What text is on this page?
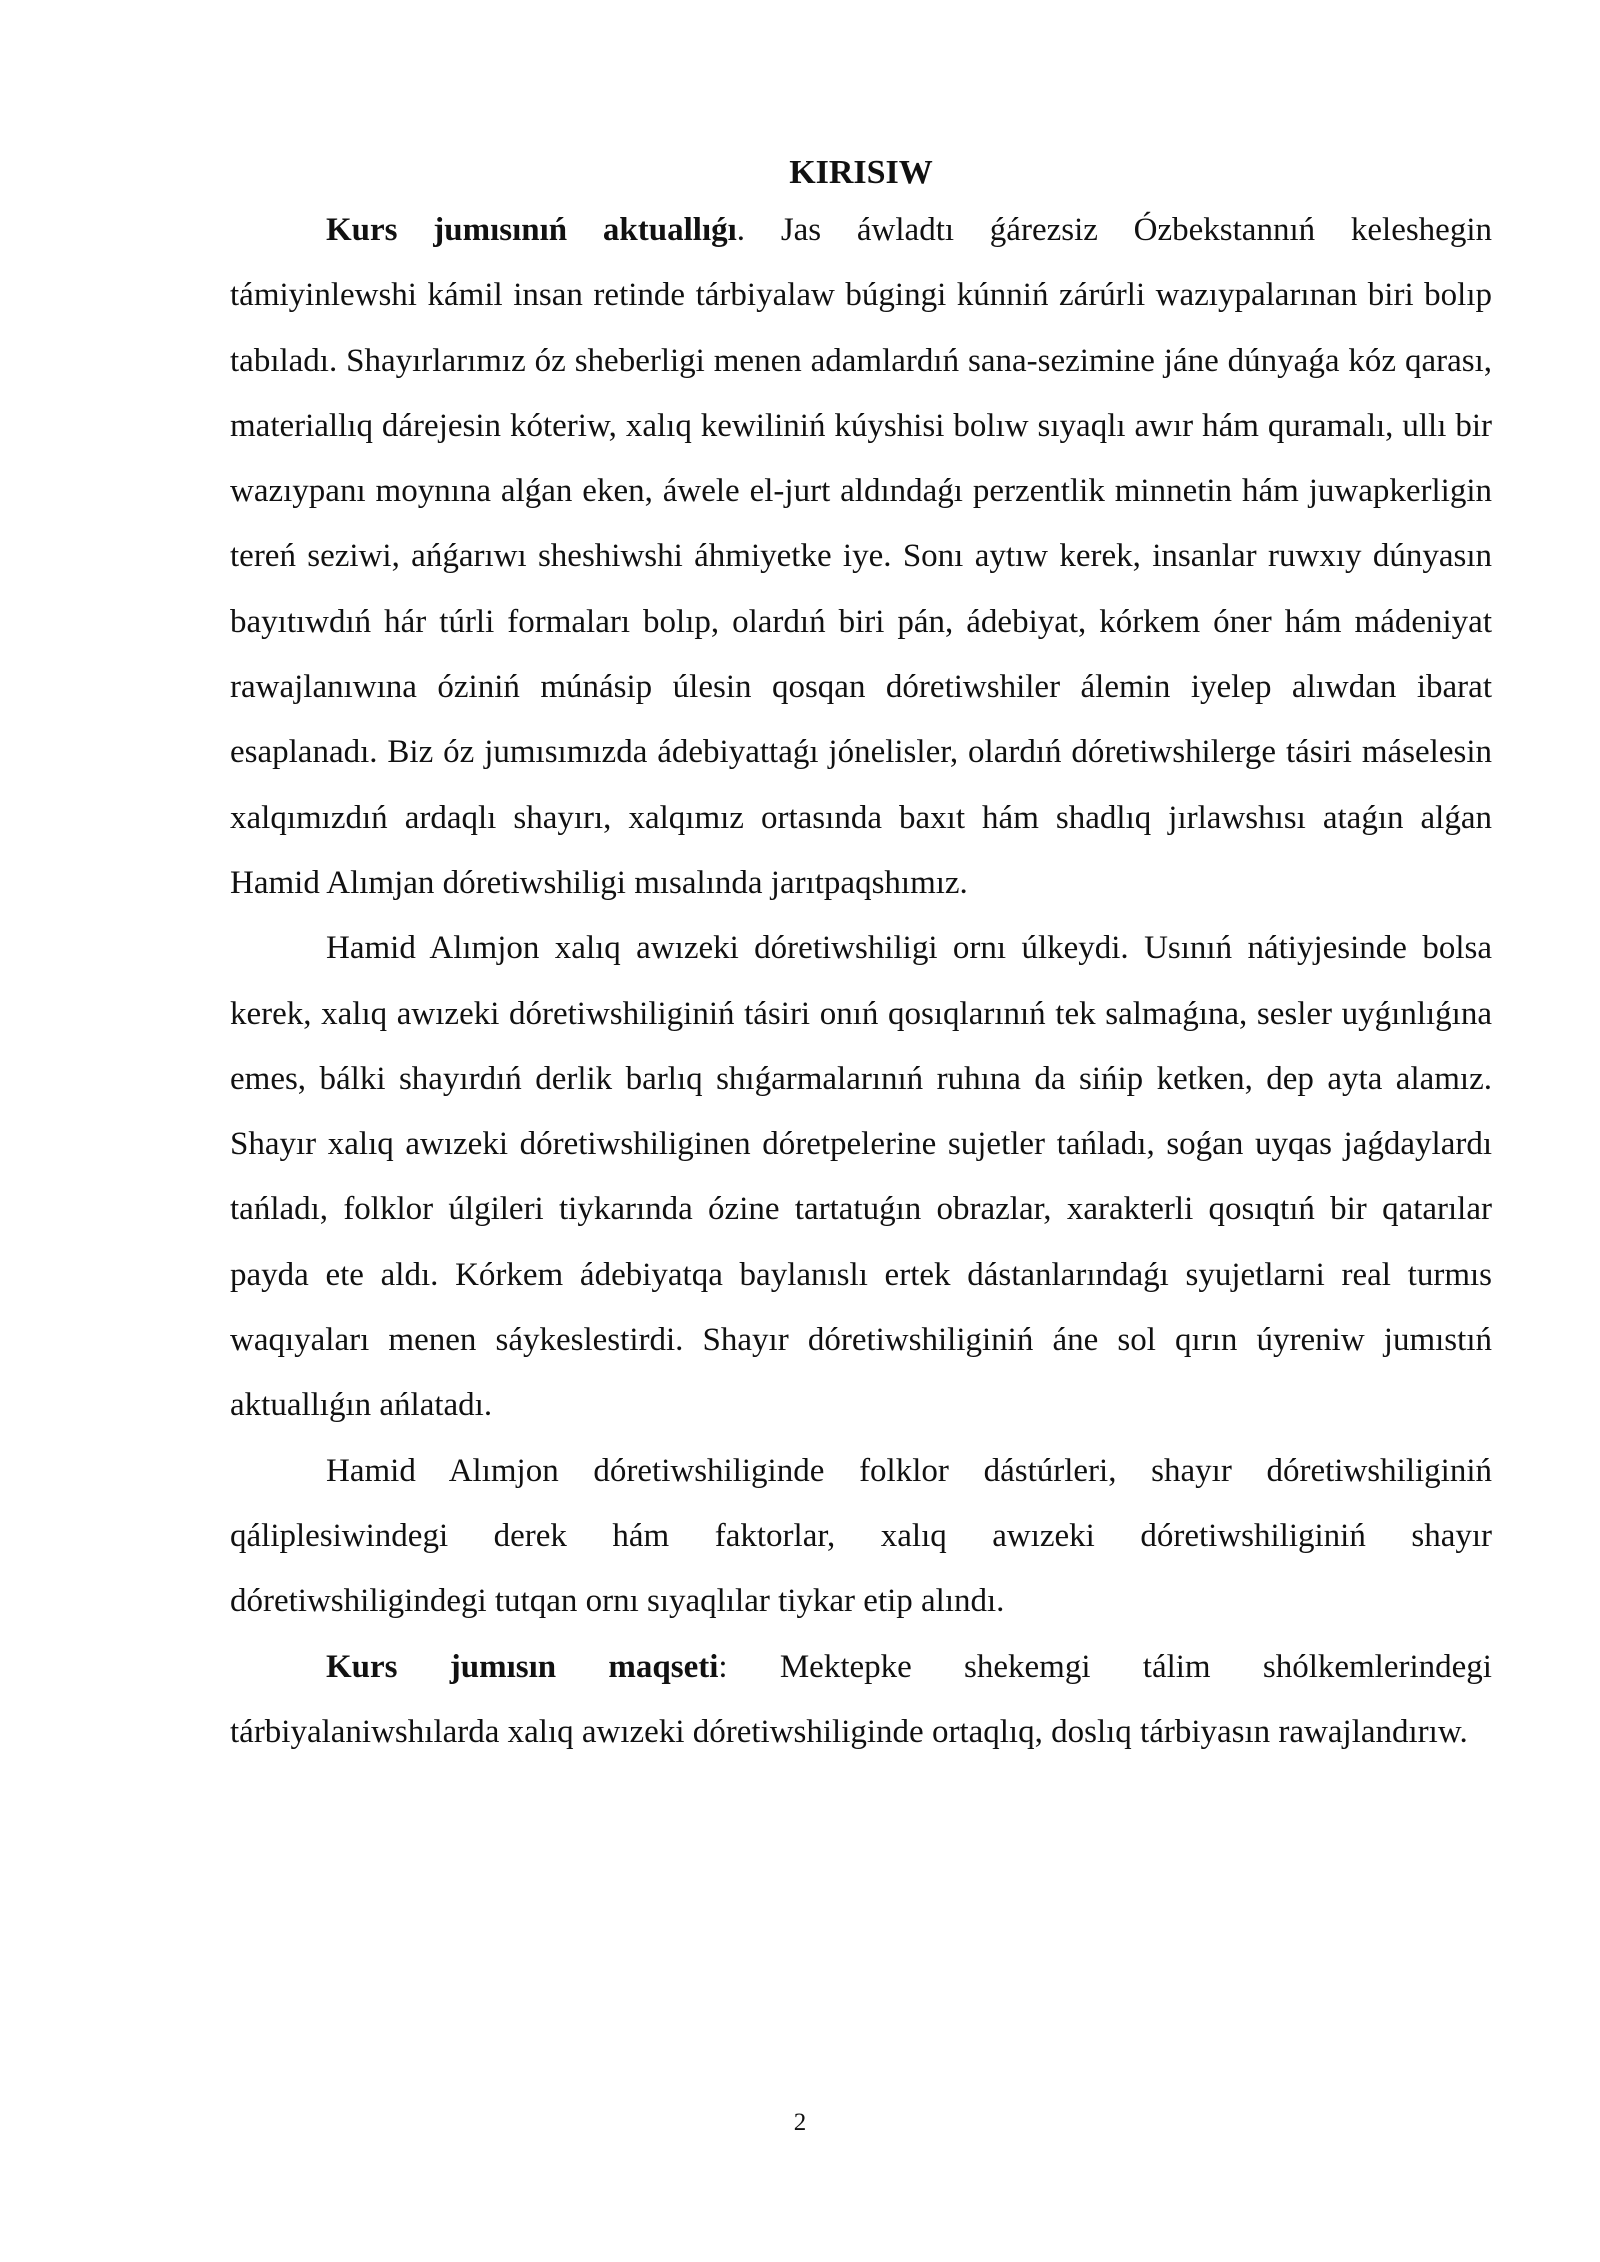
KIRISIW

Kurs jumısınıń aktuallıǵı. Jas áwladtı ǵárezsiz Ózbekstannıń keleshegin támiyinlewshi kámil insan retinde tárbiyalaw búgingi kúnniń zárúrli wazıypalarınan biri bolıp tabıladı. Shayırlarımız óz sheberligi menen adamlardıń sana-sezimine jáne dúnyaǵa kóz qarası, materiallıq dárejesin kóteriw, xalıq kewiliniń kúyshisi bolıw sıyaqlı awır hám quramalı, ullı bir wazıypanı moynına alǵan eken, áwele el-jurt aldındaǵı perzentlik minnetin hám juwapkerligin tereń seziwi, ańǵarıwı sheshiwshi áhmiyetke iye. Sonı aytıw kerek, insanlar ruwxıy dúnyasın bayıtıwdıń hár túrli formaları bolıp, olardıń biri pán, ádebiyat, kórkem óner hám mádeniyat rawajlanıwına óziniń múnásip úlesin qosqan dóretiwshiler álemin iyelep alıwdan ibarat esaplanadı. Biz óz jumısımızda ádebiyattaǵı jónelisler, olardıń dóretiwshilerge tásiri máselesin xalqımızdıń ardaqlı shayırı, xalqımız ortasında baxıt hám shadlıq jırlawshısı ataǵın alǵan Hamid Alımjan dóretiwshiligi mısalında jarıtpaqshımız.

Hamid Alımjon xalıq awızeki dóretiwshiligi ornı úlkeydi. Usınıń nátiyjesinde bolsa kerek, xalıq awızeki dóretiwshiliginiń tásiri onıń qosıqlarınıń tek salmaǵına, sesler uyǵınlıǵına emes, bálki shayırdıń derlik barlıq shıǵarmalarınıń ruhına da sińip ketken, dep ayta alamız. Shayır xalıq awızeki dóretiwshiliginen dóretpelerine sujetler tańladı, soǵan uyqas jaǵdaylardı tańladı, folklor úlgileri tiykarında ózine tartatuǵın obrazlar, xarakterli qosıqtıń bir qatarılar payda ete aldı. Kórkem ádebiyatqa baylanıslı ertek dástanlarındaǵı syujetlarni real turmıs waqıyaları menen sáykeslestirdi. Shayır dóretiwshiliginiń áne sol qırın úyreniw jumıstıń aktuallıǵın ańlatadı.

Hamid Alımjon dóretiwshiliginde folklor dástúrleri, shayır dóretiwshiliginiń qáliplesiwindegi derek hám faktorlar, xalıq awızeki dóretiwshiliginiń shayır dóretiwshiligindegi tutqan ornı sıyaqlılar tiykar etip alındı.

Kurs jumısın maqseti: Mektepke shekemgi tálim shólkemlerindegi tárbiyalaniwshılarda xalıq awızeki dóretiwshiliginde ortaqlıq, doslıq tárbiyasın rawajlandırıw.

2
